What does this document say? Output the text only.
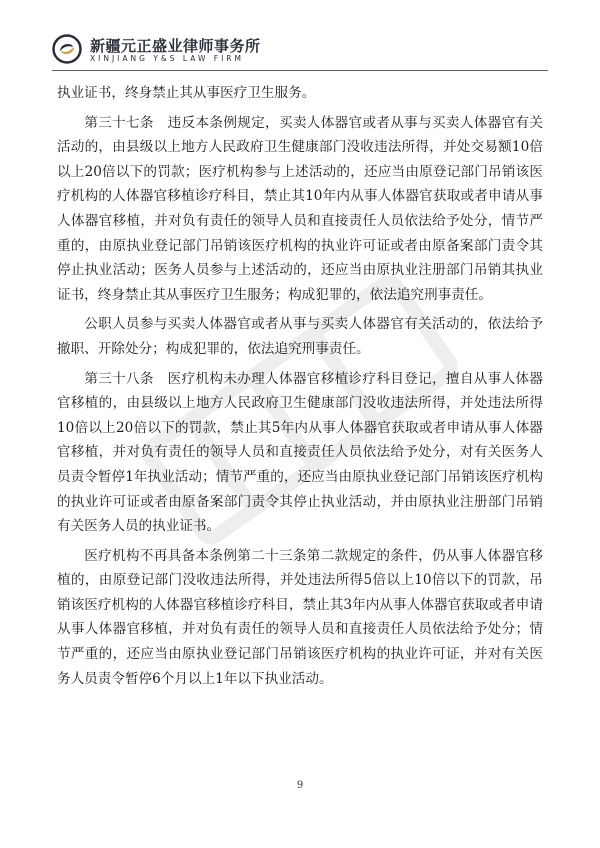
新疆元正盛业律师事务所
XINJIANG Y&S LAW FIRM

执业证书，终身禁止其从事医疗卫生服务。

第三十七条　违反本条例规定，买卖人体器官或者从事与买卖人体器官有关活动的，由县级以上地方人民政府卫生健康部门没收违法所得，并处交易额10倍以上20倍以下的罚款；医疗机构参与上述活动的，还应当由原登记部门吊销该医疗机构的人体器官移植诊疗科目，禁止其10年内从事人体器官获取或者申请从事人体器官移植，并对负有责任的领导人员和直接责任人员依法给予处分，情节严重的，由原执业登记部门吊销该医疗机构的执业许可证或者由原备案部门责令其停止执业活动；医务人员参与上述活动的，还应当由原执业注册部门吊销其执业证书，终身禁止其从事医疗卫生服务；构成犯罪的，依法追究刑事责任。

公职人员参与买卖人体器官或者从事与买卖人体器官有关活动的，依法给予撤职、开除处分；构成犯罪的，依法追究刑事责任。

第三十八条　医疗机构未办理人体器官移植诊疗科目登记，擅自从事人体器官移植的，由县级以上地方人民政府卫生健康部门没收违法所得，并处违法所得10倍以上20倍以下的罚款，禁止其5年内从事人体器官获取或者申请从事人体器官移植，并对负有责任的领导人员和直接责任人员依法给予处分，对有关医务人员责令暂停1年执业活动；情节严重的，还应当由原执业登记部门吊销该医疗机构的执业许可证或者由原备案部门责令其停止执业活动，并由原执业注册部门吊销有关医务人员的执业证书。

医疗机构不再具备本条例第二十三条第二款规定的条件，仍从事人体器官移植的，由原登记部门没收违法所得，并处违法所得5倍以上10倍以下的罚款，吊销该医疗机构的人体器官移植诊疗科目，禁止其3年内从事人体器官获取或者申请从事人体器官移植，并对负有责任的领导人员和直接责任人员依法给予处分；情节严重的，还应当由原执业登记部门吊销该医疗机构的执业许可证，并对有关医务人员责令暂停6个月以上1年以下执业活动。

9
